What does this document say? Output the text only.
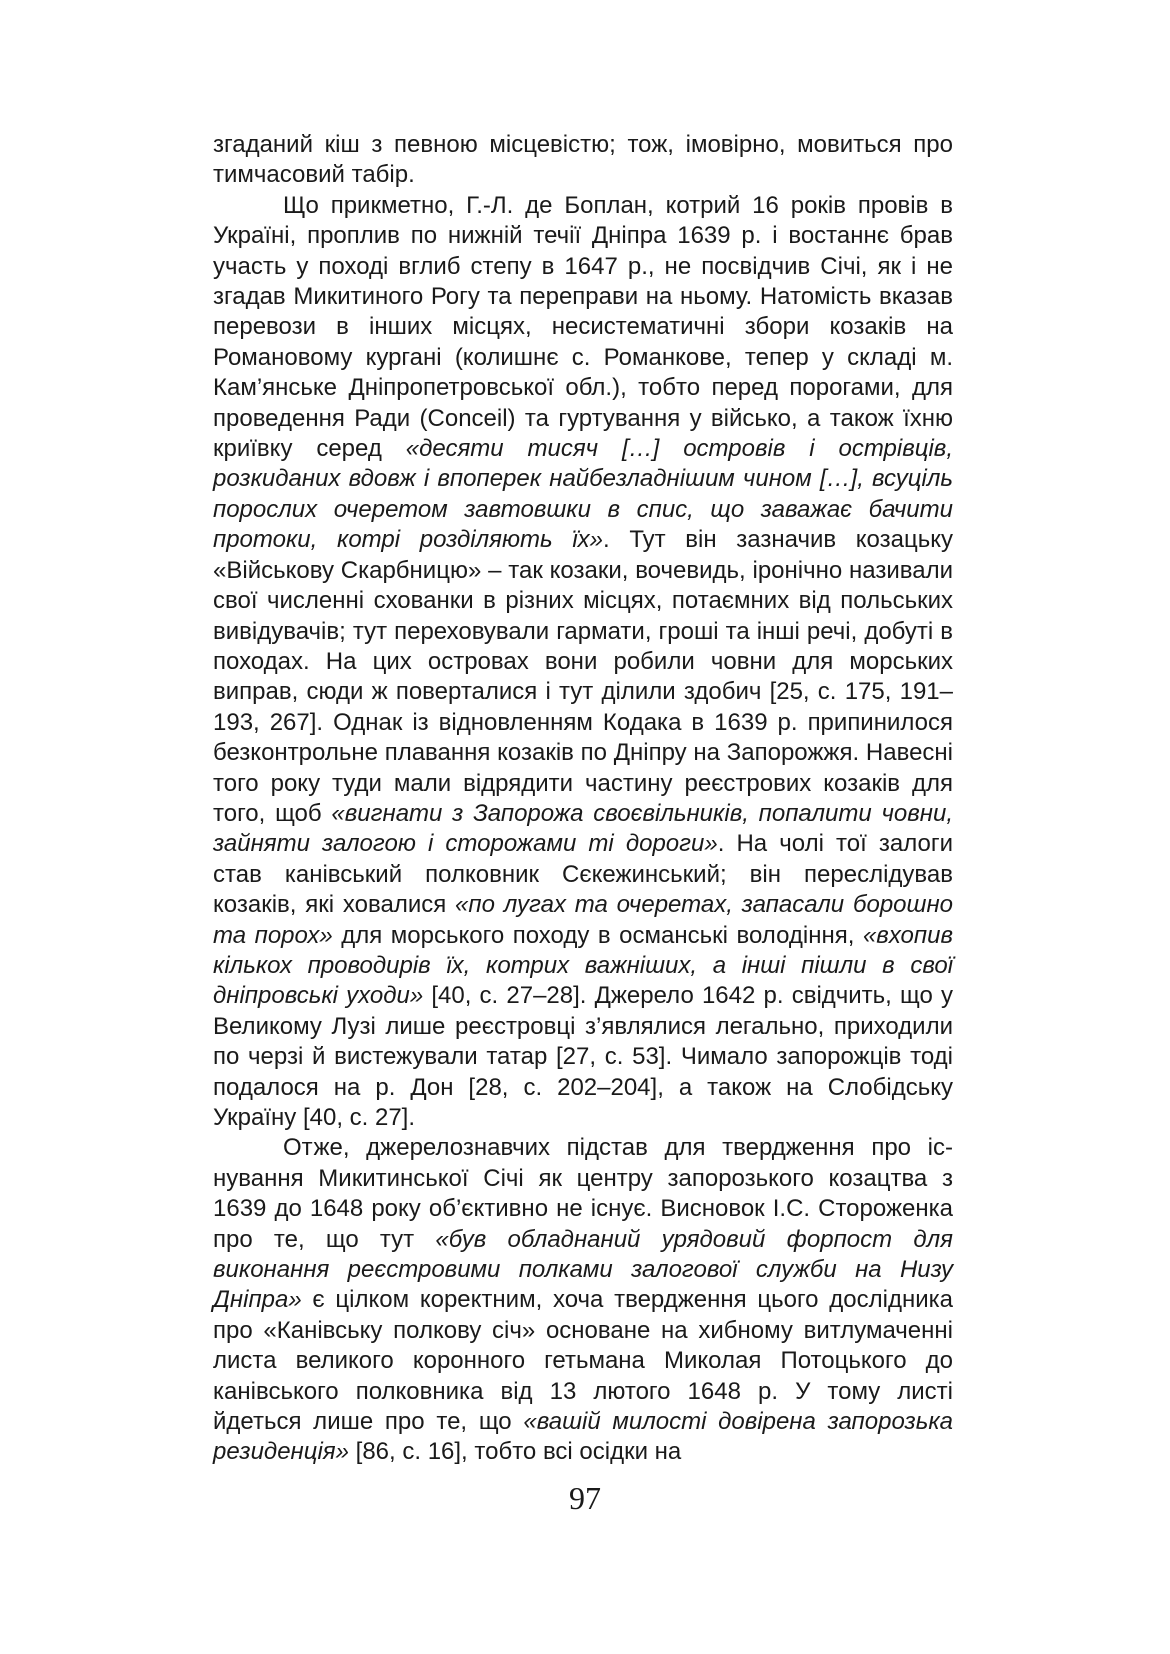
згаданий кіш з певною місцевістю; тож, імовірно, мовиться про тимчасовий табір.

Що прикметно, Г.-Л. де Боплан, котрий 16 років провів в Україні, проплив по нижній течії Дніпра 1639 р. і востаннє брав участь у поході вглиб степу в 1647 р., не посвідчив Січі, як і не згадав Микитиного Рогу та переправи на ньому. Натомість вказав перевози в інших місцях, несистематичні збори козаків на Романовому кургані (колишнє с. Романкове, тепер у складі м. Кам’янське Дніпропетровської обл.), тобто перед порогами, для проведення Ради (Conceil) та гуртування у військо, а також їхню криївку серед «десяти тисяч […] островів і острівців, розкиданих вдовж і впоперек найбезладнішим чином […], всуціль порослих очеретом завтовшки в спис, що заважає бачити протоки, котрі розділяють їх». Тут він зазначив козацьку «Військову Скарбницю» – так козаки, вочевидь, іронічно називали свої численні схованки в різних місцях, потаємних від польських вивідувачів; тут переховували гармати, гроші та інші речі, добуті в походах. На цих островах вони робили човни для морських виправ, сюди ж поверталися і тут ділили здобич [25, с. 175, 191–193, 267]. Однак із відновленням Кодака в 1639 р. припинилося безконтрольне плавання козаків по Дніпру на Запорожжя. Навесні того року туди мали відрядити частину реєстрових козаків для того, щоб «вигнати з Запорожа своєвільників, попалити човни, зайняти залогою і сторожами ті дороги». На чолі тої залоги став канівський полковник Сєкежинський; він переслідував козаків, які ховалися «по лугах та очеретах, запасали борошно та порох» для морського походу в османські володіння, «вхопив кількох проводирів їх, котрих важніших, а інші пішли в свої дніпровські уходи» [40, с. 27–28]. Джерело 1642 р. свідчить, що у Великому Лузі лише реєстровці з’являлися легально, приходили по черзі й вистежували татар [27, с. 53]. Чимало запорожців тоді подалося на р. Дон [28, с. 202–204], а також на Слобідську Україну [40, с. 27].

Отже, джерелознавчих підстав для твердження про існування Микитинської Січі як центру запорозького козацтва з 1639 до 1648 року об’єктивно не існує. Висновок І.С. Стороженка про те, що тут «був обладнаний урядовий форпост для виконання реєстровими полками залогової служби на Низу Дніпра» є цілком коректним, хоча твердження цього дослідника про «Канівську полкову січ» основане на хибному витлумаченні листа великого коронного гетьмана Миколая Потоцького до канівського полковника від 13 лютого 1648 р. У тому листі йдеться лише про те, що «вашій милості довірена запорозька резиденція» [86, с. 16], тобто всі осідки на

97
